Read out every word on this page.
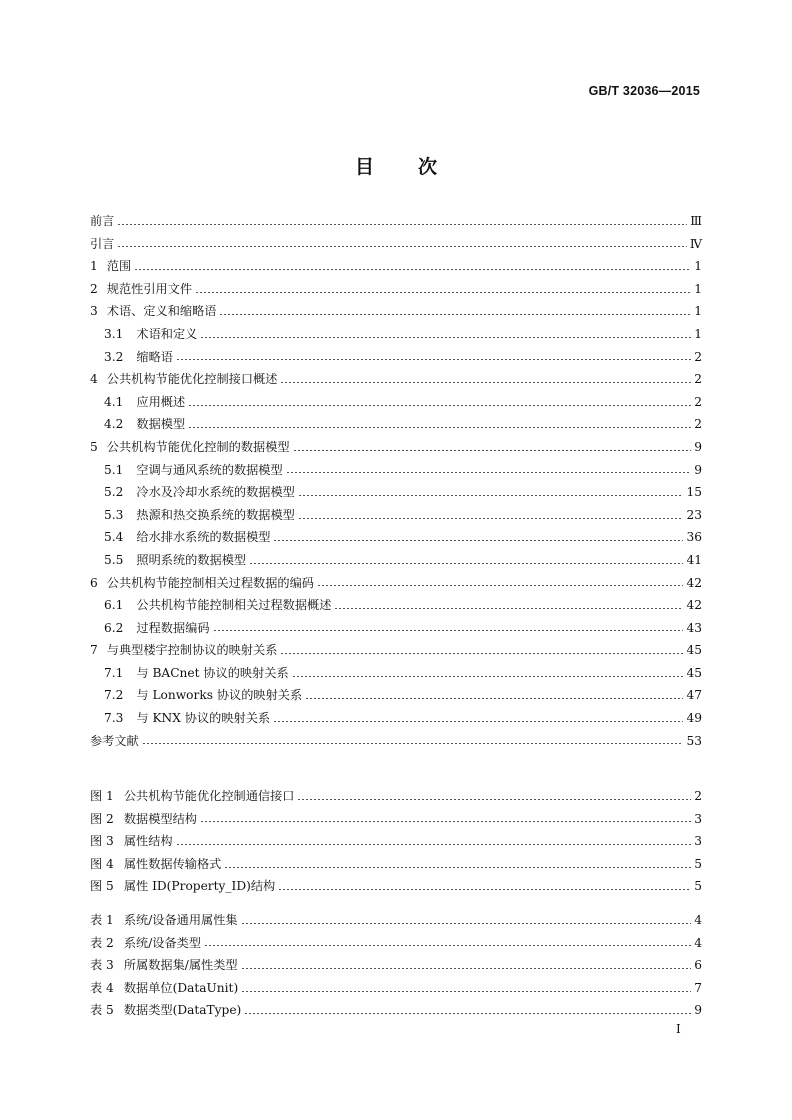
GB/T 32036—2015
目次
前言	Ⅲ
引言	Ⅳ
1 范围	1
2 规范性引用文件	1
3 术语、定义和缩略语	1
3.1 术语和定义	1
3.2 缩略语	2
4 公共机构节能优化控制接口概述	2
4.1 应用概述	2
4.2 数据模型	2
5 公共机构节能优化控制的数据模型	9
5.1 空调与通风系统的数据模型	9
5.2 冷水及冷却水系统的数据模型	15
5.3 热源和热交换系统的数据模型	23
5.4 给水排水系统的数据模型	36
5.5 照明系统的数据模型	41
6 公共机构节能控制相关过程数据的编码	42
6.1 公共机构节能控制相关过程数据概述	42
6.2 过程数据编码	43
7 与典型楼宇控制协议的映射关系	45
7.1 与 BACnet 协议的映射关系	45
7.2 与 Lonworks 协议的映射关系	47
7.3 与 KNX 协议的映射关系	49
参考文献	53
图 1 公共机构节能优化控制通信接口	2
图 2 数据模型结构	3
图 3 属性结构	3
图 4 属性数据传输格式	5
图 5 属性 ID(Property_ID)结构	5
表 1 系统/设备通用属性集	4
表 2 系统/设备类型	4
表 3 所属数据集/属性类型	6
表 4 数据单位(DataUnit)	7
表 5 数据类型(DataType)	9
I
